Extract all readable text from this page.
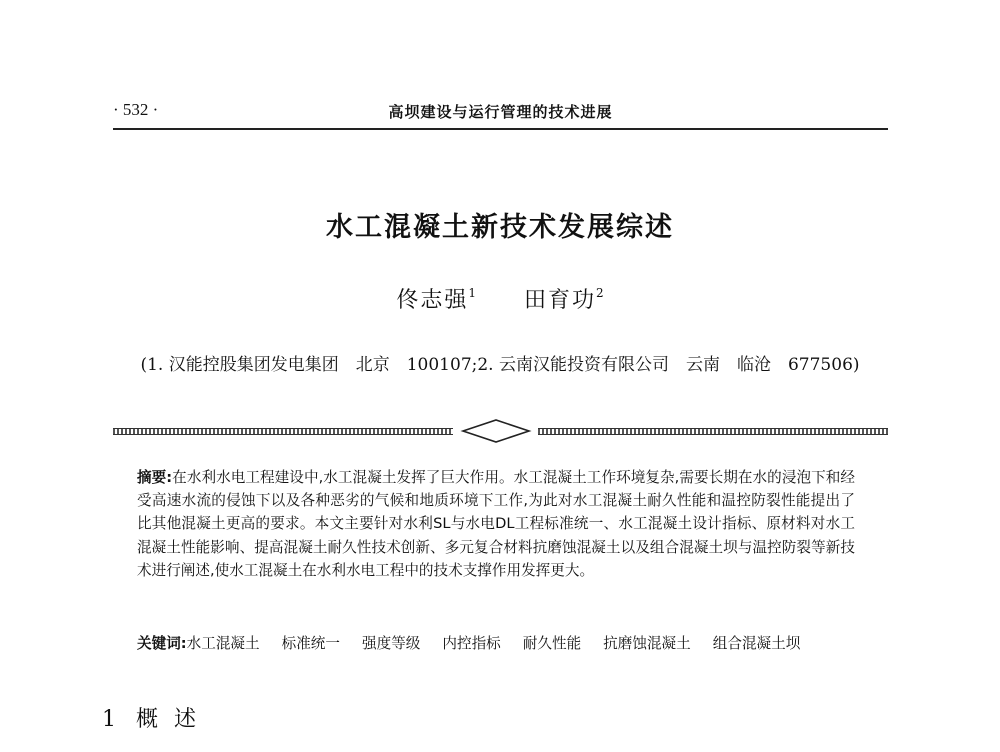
· 532 ·	高坝建设与运行管理的技术进展
水工混凝土新技术发展综述
佟志强$^1$ 田育功$^2$
(1. 汉能控股集团发电集团　北京　100107;2. 云南汉能投资有限公司　云南　临沧　677506)
摘要:在水利水电工程建设中,水工混凝土发挥了巨大作用。水工混凝土工作环境复杂,需要长期在水的浸泡下和经受高速水流的侵蚀下以及各种恶劣的气候和地质环境下工作,为此对水工混凝土耐久性能和温控防裂性能提出了比其他混凝土更高的要求。本文主要针对水利SL与水电DL工程标准统一、水工混凝土设计指标、原材料对水工混凝土性能影响、提高混凝土耐久性技术创新、多元复合材料抗磨蚀混凝土以及组合混凝土坝与温控防裂等新技术进行阐述,使水工混凝土在水利水电工程中的技术支撑作用发挥更大。
关键词:水工混凝土 标准统一 强度等级 内控指标 耐久性能 抗磨蚀混凝土 组合混凝土坝
1 概述
